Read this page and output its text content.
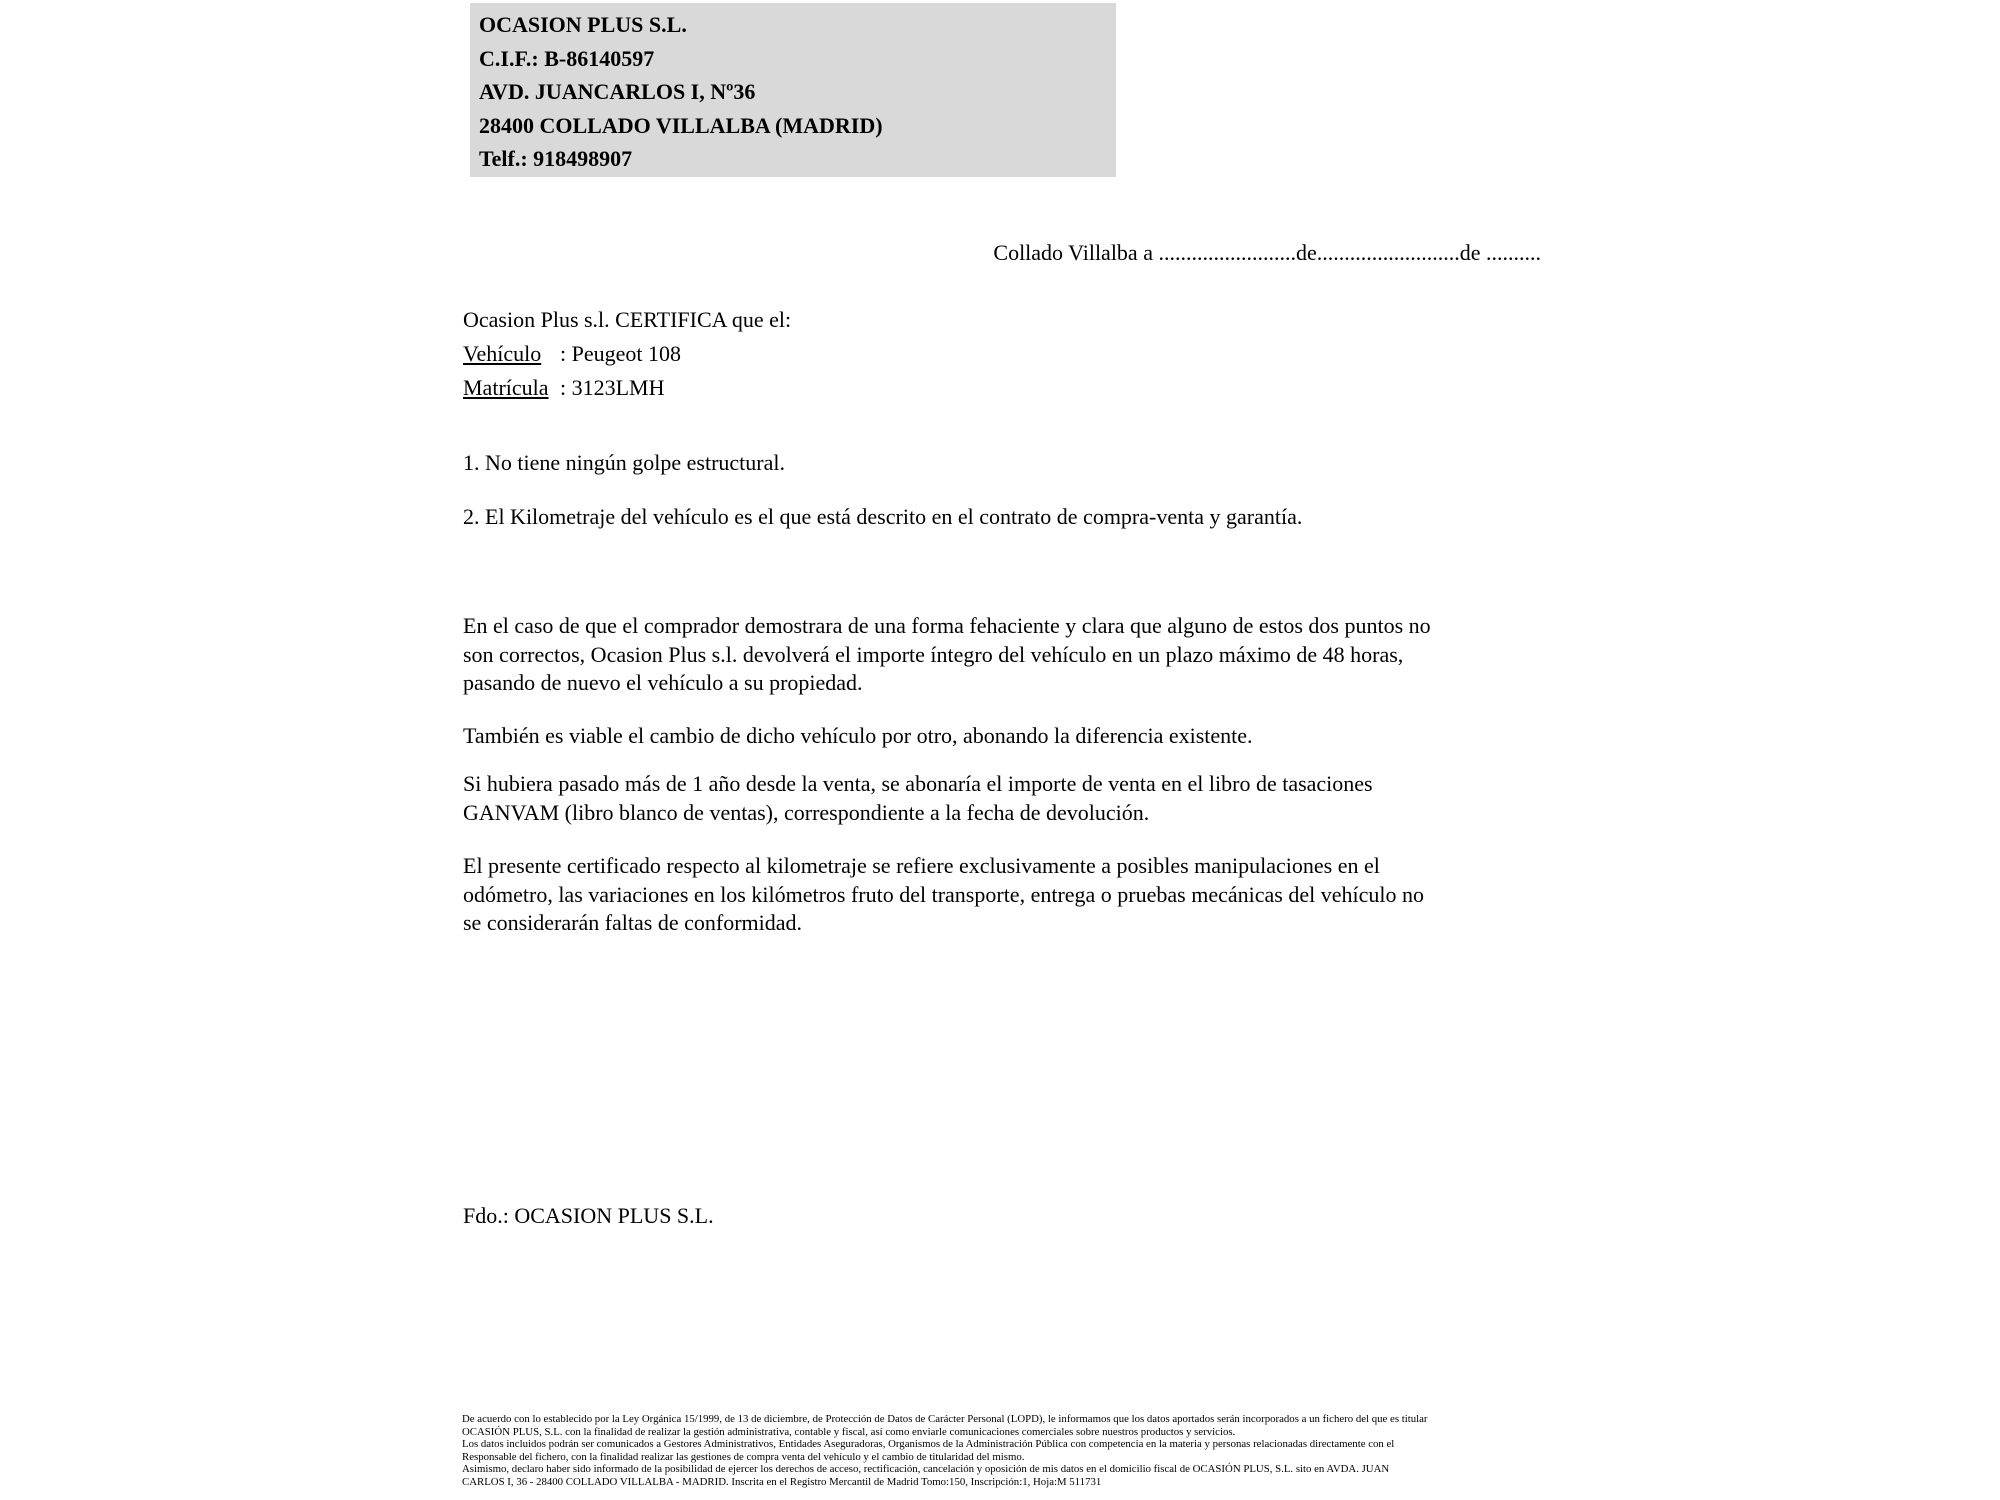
OCASION PLUS S.L.
C.I.F.: B-86140597
AVD. JUANCARLOS I, Nº36
28400 COLLADO VILLALBA (MADRID)
Telf.: 918498907
Collado Villalba a .........................de..........................de ..........
Ocasion Plus s.l. CERTIFICA que el:
Vehículo : Peugeot 108
Matrícula : 3123LMH
1. No tiene ningún golpe estructural.
2. El Kilometraje del vehículo es el que está descrito en el contrato de compra-venta y garantía.
En el caso de que el comprador demostrara de una forma fehaciente y clara que alguno de estos dos puntos no
son correctos, Ocasion Plus s.l. devolverá el importe íntegro del vehículo en un plazo máximo de 48 horas,
pasando de nuevo el vehículo a su propiedad.
También es viable el cambio de dicho vehículo por otro, abonando la diferencia existente.
Si hubiera pasado más de 1 año desde la venta, se abonaría el importe de venta en el libro de tasaciones
GANVAM (libro blanco de ventas), correspondiente a la fecha de devolución.
El presente certificado respecto al kilometraje se refiere exclusivamente a posibles manipulaciones en el
odómetro, las variaciones en los kilómetros fruto del transporte, entrega o pruebas mecánicas del vehículo no
se considerarán faltas de conformidad.
Fdo.: OCASION PLUS S.L.
De acuerdo con lo establecido por la Ley Orgánica 15/1999, de 13 de diciembre, de Protección de Datos de Carácter Personal (LOPD), le informamos que los datos aportados serán incorporados a un fichero del que es titular
OCASIÓN PLUS, S.L. con la finalidad de realizar la gestión administrativa, contable y fiscal, así como enviarle comunicaciones comerciales sobre nuestros productos y servicios.
Los datos incluidos podrán ser comunicados a Gestores Administrativos, Entidades Aseguradoras, Organismos de la Administración Pública con competencia en la materia y personas relacionadas directamente con el
Responsable del fichero, con la finalidad realizar las gestiones de compra venta del vehículo y el cambio de titularidad del mismo.
Asimismo, declaro haber sido informado de la posibilidad de ejercer los derechos de acceso, rectificación, cancelación y oposición de mis datos en el domicilio fiscal de OCASIÓN PLUS, S.L. sito en AVDA. JUAN
CARLOS I, 36 - 28400 COLLADO VILLALBA - MADRID. Inscrita en el Registro Mercantil de Madrid Tomo:150, Inscripción:1, Hoja:M 511731
